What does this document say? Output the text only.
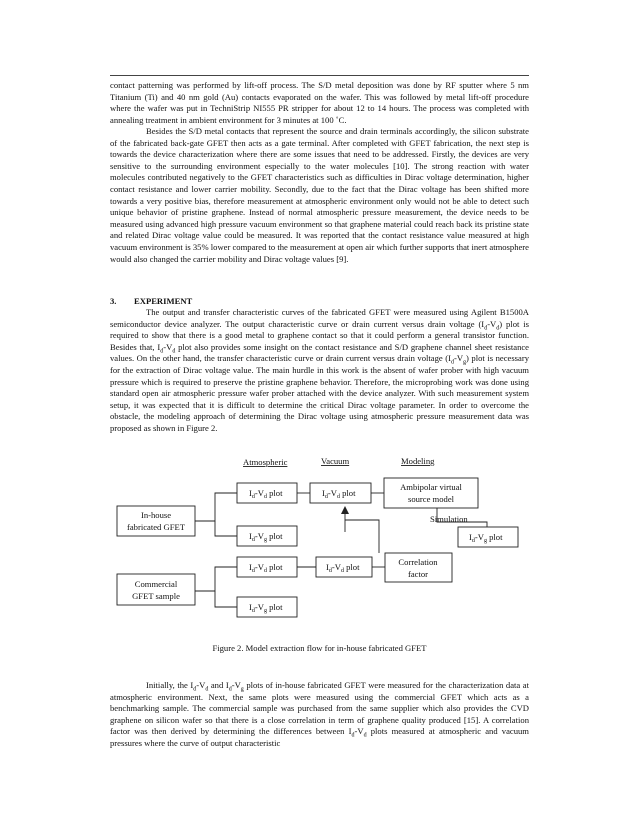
contact patterning was performed by lift-off process. The S/D metal deposition was done by RF sputter where 5 nm Titanium (Ti) and 40 nm gold (Au) contacts evaporated on the wafer. This was followed by metal lift-off procedure where the wafer was put in TechniStrip NI555 PR stripper for about 12 to 14 hours. The process was completed with annealing treatment in ambient environment for 3 minutes at 100 ˚C.

Besides the S/D metal contacts that represent the source and drain terminals accordingly, the silicon substrate of the fabricated back-gate GFET then acts as a gate terminal. After completed with GFET fabrication, the next step is towards the device characterization where there are some issues that need to be addressed. Firstly, the devices are very sensitive to the surrounding environment especially to the water molecules [10]. The strong reaction with water molecules contributed negatively to the GFET characteristics such as difficulties in Dirac voltage determination, higher contact resistance and lower carrier mobility. Secondly, due to the fact that the Dirac voltage has been shifted more towards a very positive bias, therefore measurement at atmospheric environment only would not be able to detect such unique behavior of pristine graphene. Instead of normal atmospheric pressure measurement, the device needs to be measured using advanced high pressure vacuum environment so that graphene material could reach back its pristine state and related Dirac voltage value could be measured. It was reported that the contact resistance value measured at high vacuum environment is 35% lower compared to the measurement at open air which further supports that inert atmosphere would also changed the carrier mobility and Dirac voltage values [9].

3. EXPERIMENT

The output and transfer characteristic curves of the fabricated GFET were measured using Agilent B1500A semiconductor device analyzer. The output characteristic curve or drain current versus drain voltage $(I_d-V_d)$ plot is required to show that there is a good metal to graphene contact so that it could perform a general transistor function. Besides that, $I_d-V_d$ plot also provides some insight on the contact resistance and S/D graphene channel sheet resistance values. On the other hand, the transfer characteristic curve or drain current versus drain voltage $(I_d-V_g)$ plot is necessary for the extraction of Dirac voltage value. The main hurdle in this work is the absent of wafer prober with high vacuum pressure which is required to preserve the pristine graphene behavior. Therefore, the microprobing work was done using standard open air atmospheric pressure wafer prober attached with the device analyzer. With such measurement system setup, it was expected that it is difficult to determine the critical Dirac voltage parameter. In order to overcome the obstacle, the modeling approach of determining the Dirac voltage using atmospheric pressure measurement data was proposed as shown in Figure 2.

Atmospheric	Vacuum	Modeling
In-house
fabricated GFET
$I_d-V_d$ plot
$I_d-V_g$ plot
$I_d-V_d$ plot
Ambipolar virtual
source model
Simulation
$I_d-V_g$ plot
$I_d-V_d$ plot	$I_d-V_d$ plot	Correlation
factor
Commercial
GFET sample
$I_d-V_g$ plot
Figure 2. Model extraction flow for in-house fabricated GFET

Initially, the $I_d-V_d$ and $I_d-V_g$ plots of in-house fabricated GFET were measured for the characterization data at atmospheric environment. Next, the same plots were measured using the commercial GFET which acts as a benchmarking sample. The commercial sample was purchased from the same supplier which also provides the CVD graphene on silicon wafer so that there is a close correlation in term of graphene quality produced [15]. A correlation factor was then derived by determining the differences between $I_d-V_d$ plots measured at atmospheric and vacuum pressures where the curve of output characteristic
